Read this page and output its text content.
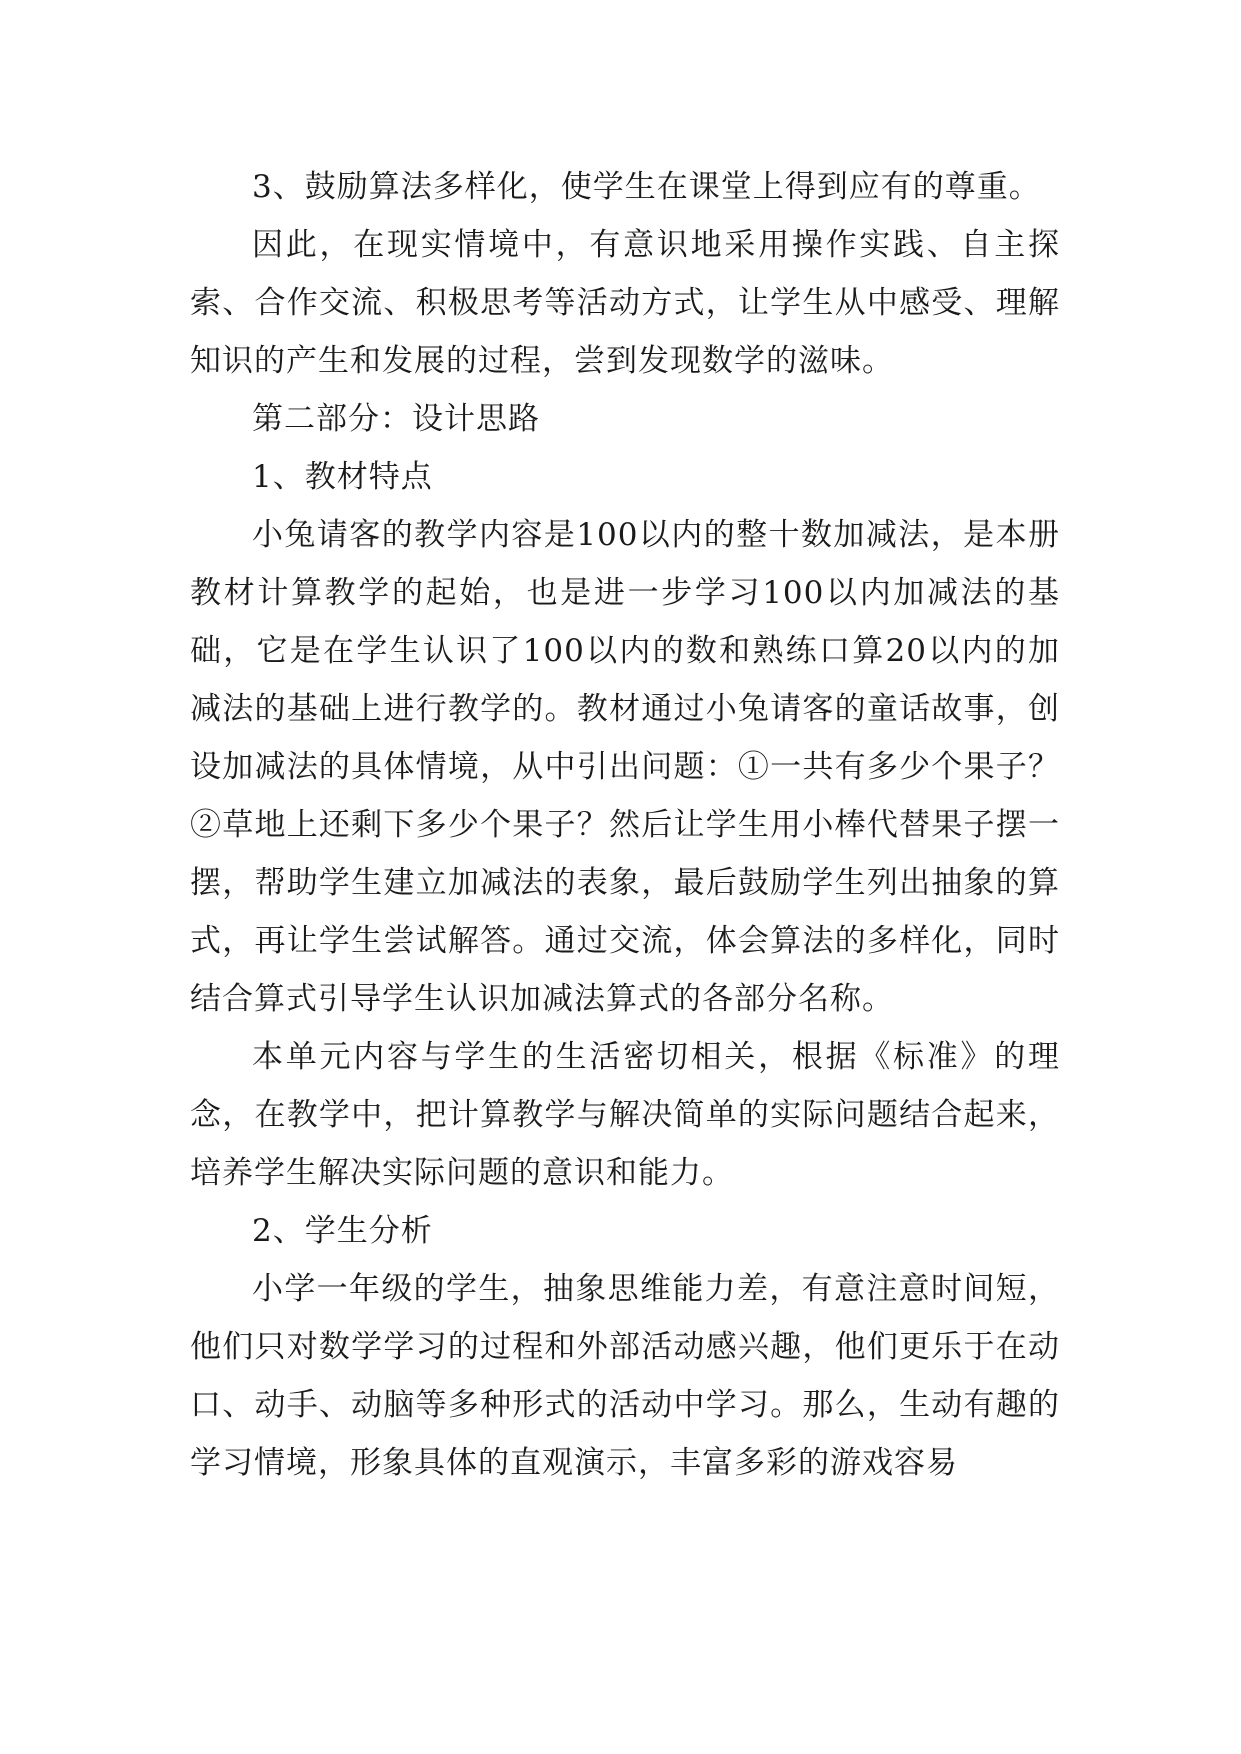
3、鼓励算法多样化，使学生在课堂上得到应有的尊重。

因此，在现实情境中，有意识地采用操作实践、自主探索、合作交流、积极思考等活动方式，让学生从中感受、理解知识的产生和发展的过程，尝到发现数学的滋味。

第二部分：设计思路

1、教材特点

小兔请客的教学内容是100以内的整十数加减法，是本册教材计算教学的起始，也是进一步学习100以内加减法的基础，它是在学生认识了100以内的数和熟练口算20以内的加减法的基础上进行教学的。教材通过小兔请客的童话故事，创设加减法的具体情境，从中引出问题：①一共有多少个果子？②草地上还剩下多少个果子？然后让学生用小棒代替果子摆一摆，帮助学生建立加减法的表象，最后鼓励学生列出抽象的算式，再让学生尝试解答。通过交流，体会算法的多样化，同时结合算式引导学生认识加减法算式的各部分名称。

本单元内容与学生的生活密切相关，根据《标准》的理念，在教学中，把计算教学与解决简单的实际问题结合起来，培养学生解决实际问题的意识和能力。

2、学生分析

小学一年级的学生，抽象思维能力差，有意注意时间短，他们只对数学学习的过程和外部活动感兴趣，他们更乐于在动口、动手、动脑等多种形式的活动中学习。那么，生动有趣的学习情境，形象具体的直观演示，丰富多彩的游戏容易
